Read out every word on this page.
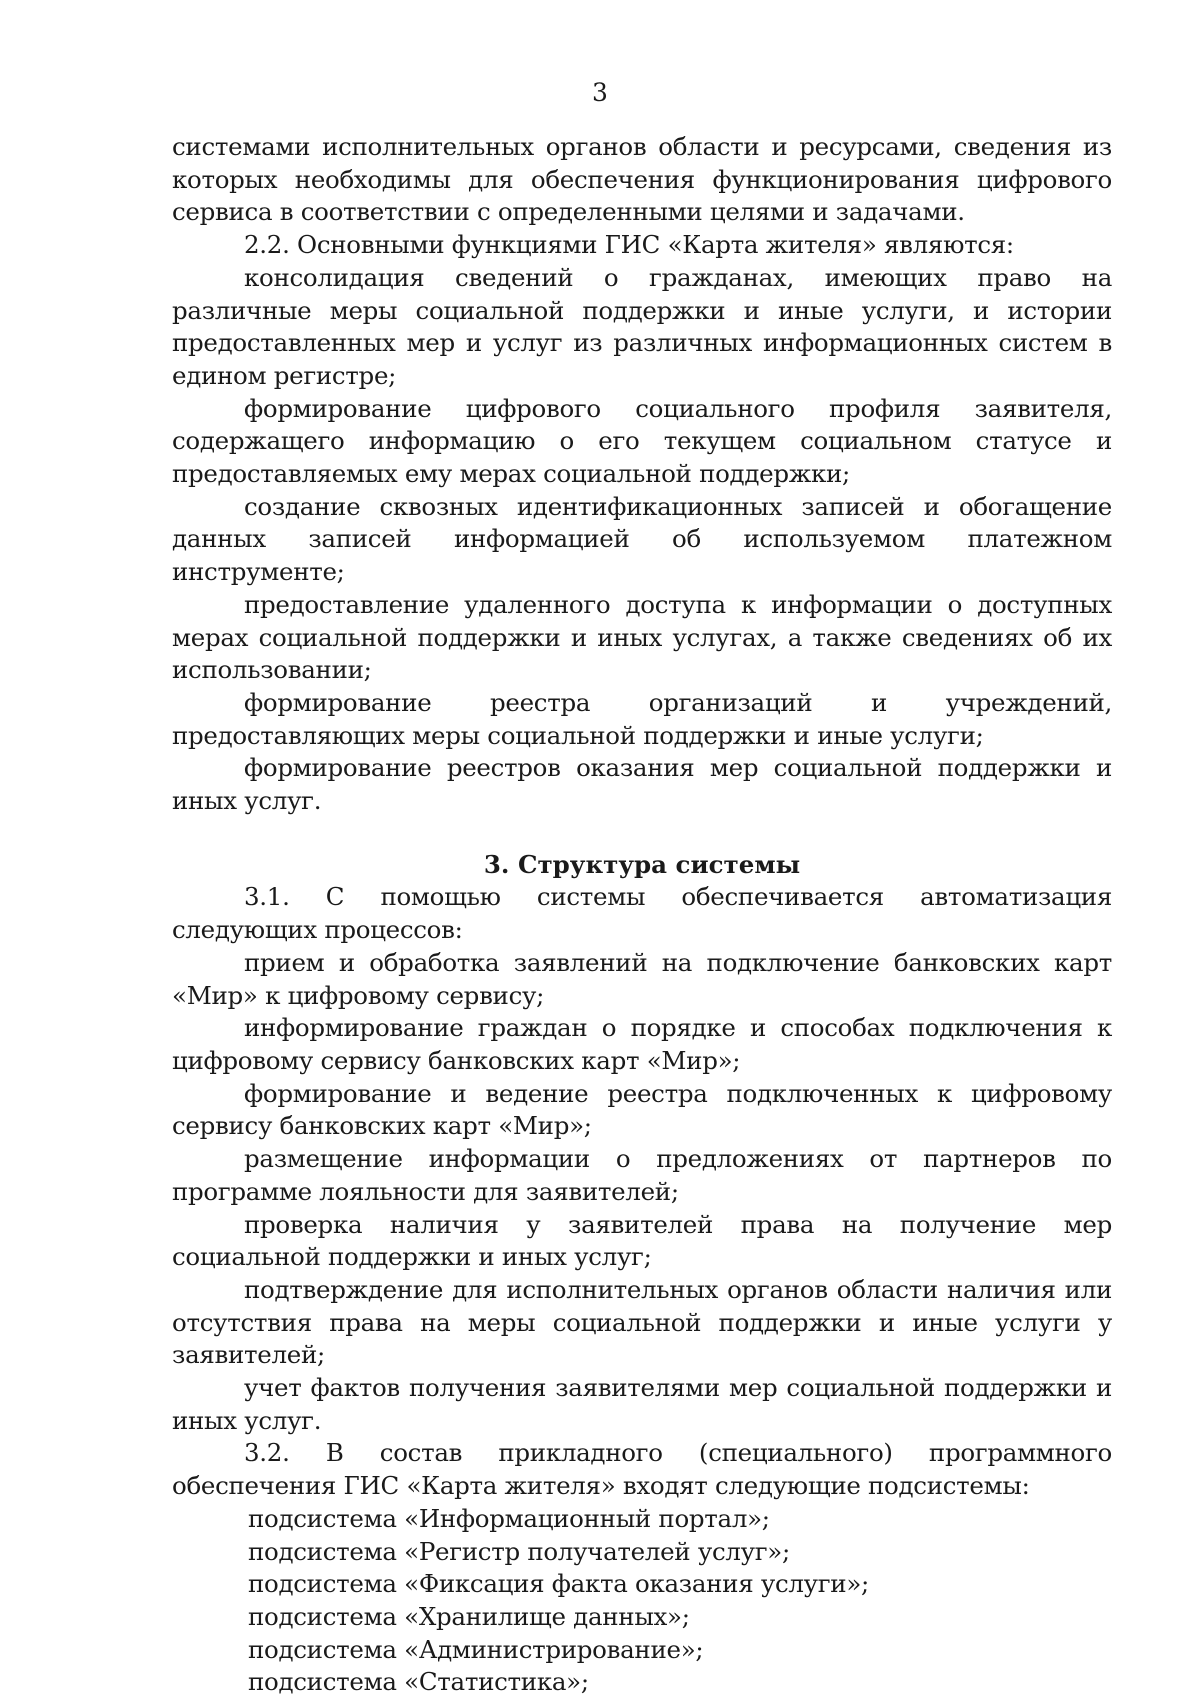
3

системами исполнительных органов области и ресурсами, сведения из которых необходимы для обеспечения функционирования цифрового сервиса в соответствии с определенными целями и задачами.

2.2. Основными функциями ГИС «Карта жителя» являются:

консолидация сведений о гражданах, имеющих право на различные меры социальной поддержки и иные услуги, и истории предоставленных мер и услуг из различных информационных систем в едином регистре;

формирование цифрового социального профиля заявителя, содержащего информацию о его текущем социальном статусе и предоставляемых ему мерах социальной поддержки;

создание сквозных идентификационных записей и обогащение данных записей информацией об используемом платежном инструменте;

предоставление удаленного доступа к информации о доступных мерах социальной поддержки и иных услугах, а также сведениях об их использовании;

формирование реестра организаций и учреждений, предоставляющих меры социальной поддержки и иные услуги;

формирование реестров оказания мер социальной поддержки и иных услуг.

3. Структура системы

3.1. С помощью системы обеспечивается автоматизация следующих процессов:

прием и обработка заявлений на подключение банковских карт «Мир» к цифровому сервису;

информирование граждан о порядке и способах подключения к цифровому сервису банковских карт «Мир»;

формирование и ведение реестра подключенных к цифровому сервису банковских карт «Мир»;

размещение информации о предложениях от партнеров по программе лояльности для заявителей;

проверка наличия у заявителей права на получение мер социальной поддержки и иных услуг;

подтверждение для исполнительных органов области наличия или отсутствия права на меры социальной поддержки и иные услуги у заявителей;

учет фактов получения заявителями мер социальной поддержки и иных услуг.

3.2. В состав прикладного (специального) программного обеспечения ГИС «Карта жителя» входят следующие подсистемы:

подсистема «Информационный портал»;
подсистема «Регистр получателей услуг»;
подсистема «Фиксация факта оказания услуги»;
подсистема «Хранилище данных»;
подсистема «Администрирование»;
подсистема «Статистика»;
